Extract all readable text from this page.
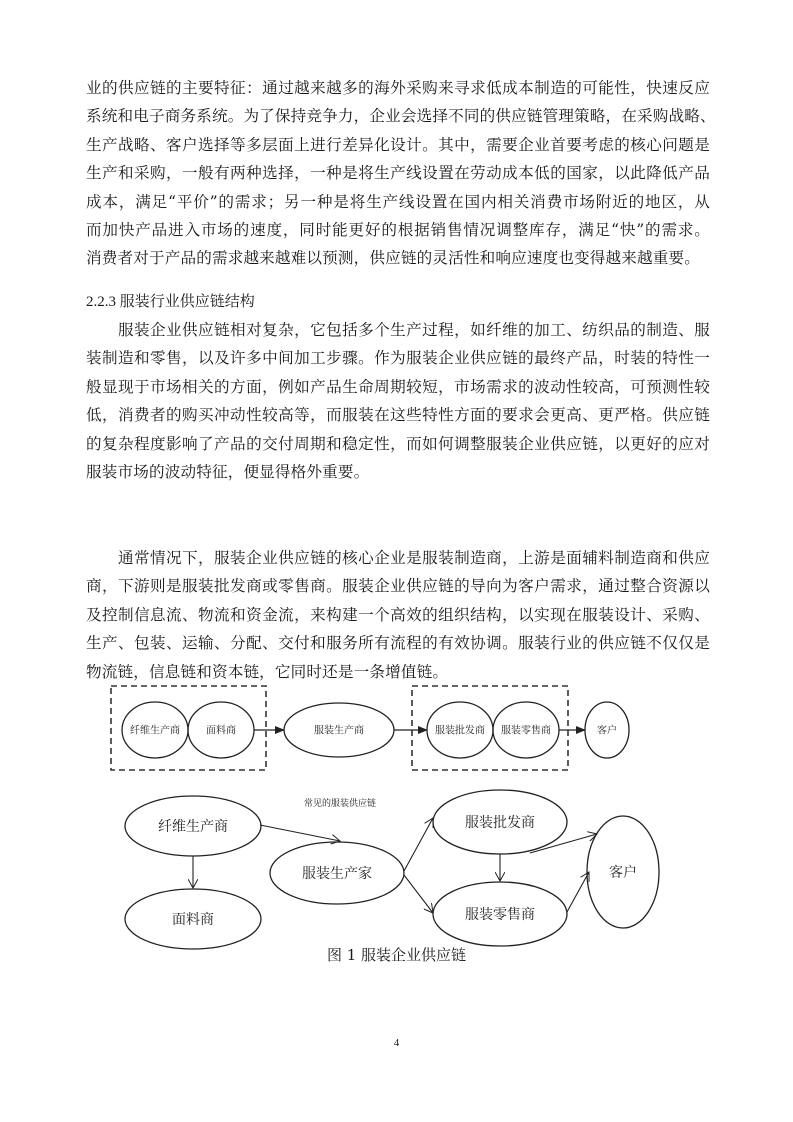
业的供应链的主要特征：通过越来越多的海外采购来寻求低成本制造的可能性，快速反应
系统和电子商务系统。为了保持竞争力，企业会选择不同的供应链管理策略，在采购战略、
生产战略、客户选择等多层面上进行差异化设计。其中，需要企业首要考虑的核心问题是
生产和采购，一般有两种选择，一种是将生产线设置在劳动成本低的国家，以此降低产品
成本，满足“平价”的需求；另一种是将生产线设置在国内相关消费市场附近的地区，从
而加快产品进入市场的速度，同时能更好的根据销售情况调整库存，满足“快”的需求。
消费者对于产品的需求越来越难以预测，供应链的灵活性和响应速度也变得越来越重要。
2.2.3 服装行业供应链结构
　　服装企业供应链相对复杂，它包括多个生产过程，如纤维的加工、纺织品的制造、服
装制造和零售，以及许多中间加工步骤。作为服装企业供应链的最终产品，时装的特性一
般显现于市场相关的方面，例如产品生命周期较短，市场需求的波动性较高，可预测性较
低，消费者的购买冲动性较高等，而服装在这些特性方面的要求会更高、更严格。供应链
的复杂程度影响了产品的交付周期和稳定性，而如何调整服装企业供应链，以更好的应对
服装市场的波动特征，便显得格外重要。
　　通常情况下，服装企业供应链的核心企业是服装制造商，上游是面辅料制造商和供应
商，下游则是服装批发商或零售商。服装企业供应链的导向为客户需求，通过整合资源以
及控制信息流、物流和资金流，来构建一个高效的组织结构，以实现在服装设计、采购、
生产、包装、运输、分配、交付和服务所有流程的有效协调。服装行业的供应链不仅仅是
物流链，信息链和资本链，它同时还是一条增值链。
纤维生产商	面料商	服装生产商	服装批发商 服装零售商	客户
常见的服装供应链
纤维生产商
面料商
服装生产家
服装批发商
服装零售商
客户
图 1 服装企业供应链
4
